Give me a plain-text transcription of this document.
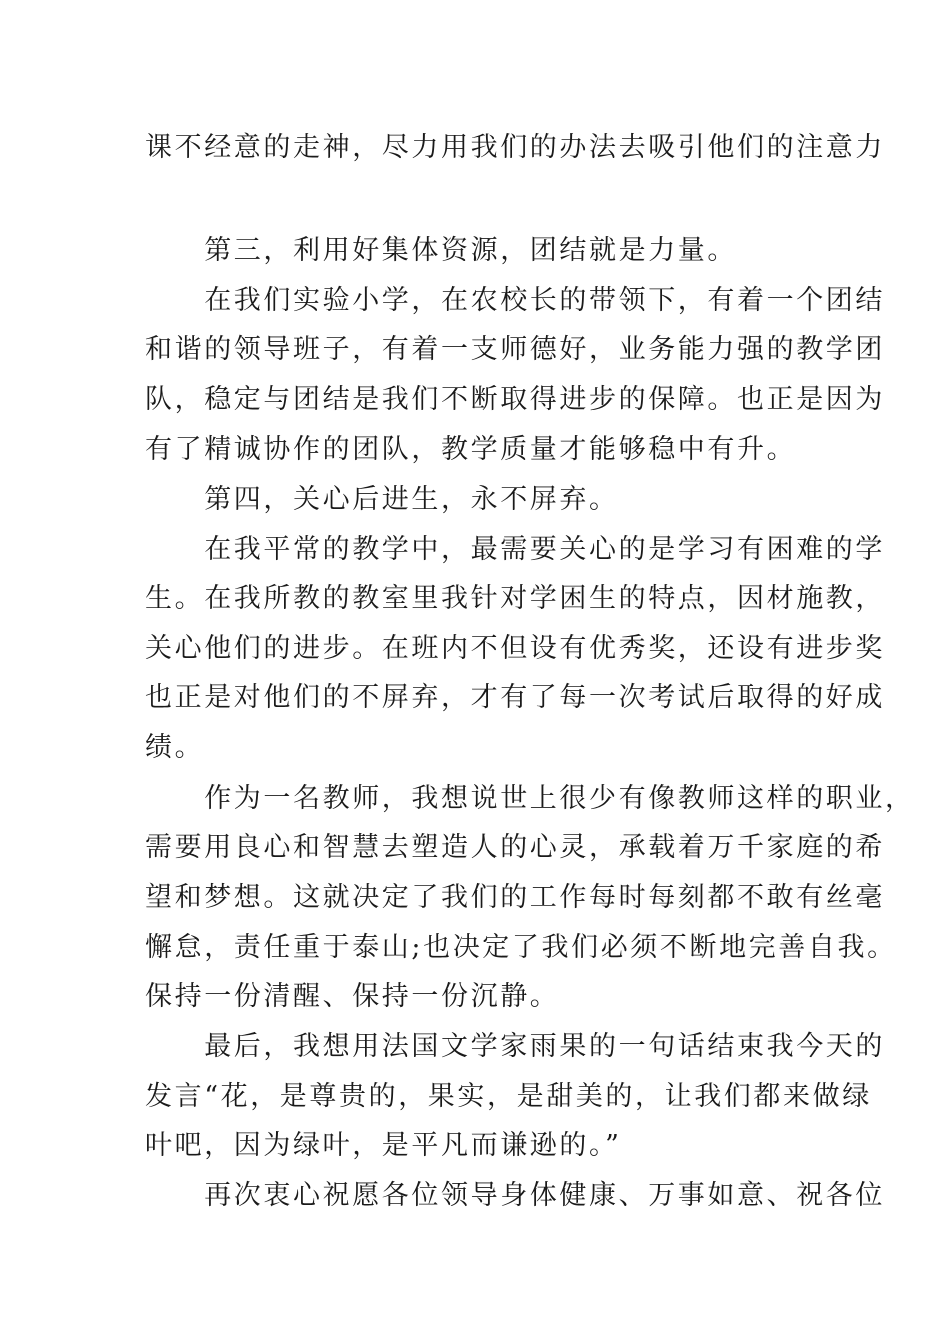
课不经意的走神，尽力用我们的办法去吸引他们的注意力
　　第三，利用好集体资源，团结就是力量。
　　在我们实验小学，在农校长的带领下，有着一个团结
和谐的领导班子，有着一支师德好，业务能力强的教学团
队，稳定与团结是我们不断取得进步的保障。也正是因为
有了精诚协作的团队，教学质量才能够稳中有升。
　　第四，关心后进生，永不屏弃。
　　在我平常的教学中，最需要关心的是学习有困难的学
生。在我所教的教室里我针对学困生的特点，因材施教，
关心他们的进步。在班内不但设有优秀奖，还设有进步奖
也正是对他们的不屏弃，才有了每一次考试后取得的好成
绩。
　　作为一名教师，我想说世上很少有像教师这样的职业，
需要用良心和智慧去塑造人的心灵，承载着万千家庭的希
望和梦想。这就决定了我们的工作每时每刻都不敢有丝毫
懈怠，责任重于泰山;也决定了我们必须不断地完善自我。
保持一份清醒、保持一份沉静。
　　最后，我想用法国文学家雨果的一句话结束我今天的
发言“花，是尊贵的，果实，是甜美的，让我们都来做绿
叶吧，因为绿叶，是平凡而谦逊的。”
　　再次衷心祝愿各位领导身体健康、万事如意、祝各位
